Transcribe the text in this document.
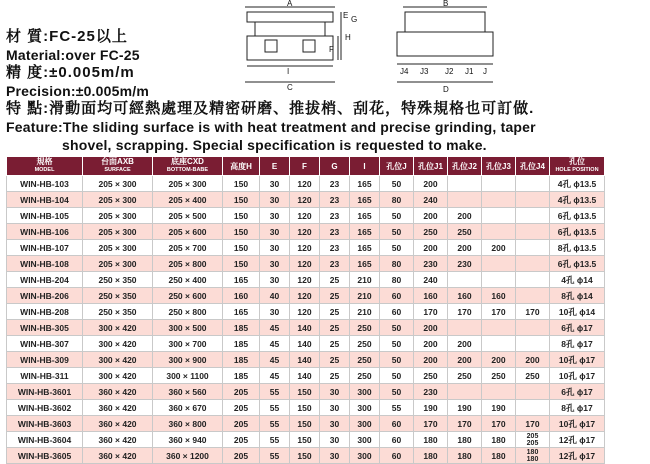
材 質:FC-25以上
Material:over FC-25
精 度:±0.005m/m
Precision:±0.005m/m
特 點:滑動面均可經熱處理及精密研磨、推拔梢、刮花，特殊規格也可訂做.
Feature:The sliding surface is with heat treatment and precise grinding, taper
shovel, scrapping. Special specification is requested to make.
A
C
I
E G
H
F
B
D
J4 J3 J2 J1 J
規格
MODEL	台面AXB
SURFACE	底座CXD
BOTTOM-BABE	高度H	E	F	G	I	孔位J	孔位J1	孔位J2	孔位J3	孔位J4	孔位
HOLE POSITION

WIN-HB-103	205 × 300	205 × 300	150	30	120	23	165	50	200				4孔 ϕ13.5
WIN-HB-104	205 × 300	205 × 400	150	30	120	23	165	80	240				4孔 ϕ13.5
WIN-HB-105	205 × 300	205 × 500	150	30	120	23	165	50	200	200			6孔 ϕ13.5
WIN-HB-106	205 × 300	205 × 600	150	30	120	23	165	50	250	250			6孔 ϕ13.5
WIN-HB-107	205 × 300	205 × 700	150	30	120	23	165	50	200	200	200		8孔 ϕ13.5
WIN-HB-108	205 × 300	205 × 800	150	30	120	23	165	80	230	230			6孔 ϕ13.5
WIN-HB-204	250 × 350	250 × 400	165	30	120	25	210	80	240				4孔 ϕ14
WIN-HB-206	250 × 350	250 × 600	160	40	120	25	210	60	160	160	160		8孔 ϕ14
WIN-HB-208	250 × 350	250 × 800	165	30	120	25	210	60	170	170	170	170	10孔 ϕ14
WIN-HB-305	300 × 420	300 × 500	185	45	140	25	250	50	200				6孔 ϕ17
WIN-HB-307	300 × 420	300 × 700	185	45	140	25	250	50	200	200			8孔 ϕ17
WIN-HB-309	300 × 420	300 × 900	185	45	140	25	250	50	200	200	200	200	10孔 ϕ17
WIN-HB-311	300 × 420	300 × 1100	185	45	140	25	250	50	250	250	250	250	10孔 ϕ17
WIN-HB-3601	360 × 420	360 × 560	205	55	150	30	300	50	230				6孔 ϕ17
WIN-HB-3602	360 × 420	360 × 670	205	55	150	30	300	55	190	190	190		8孔 ϕ17
WIN-HB-3603	360 × 420	360 × 800	205	55	150	30	300	60	170	170	170	170	10孔 ϕ17
WIN-HB-3604	360 × 420	360 × 940	205	55	150	30	300	60	180	180	180	205
205	12孔 ϕ17
WIN-HB-3605	360 × 420	360 × 1200	205	55	150	30	300	60	180	180	180	180
180	12孔 ϕ17
